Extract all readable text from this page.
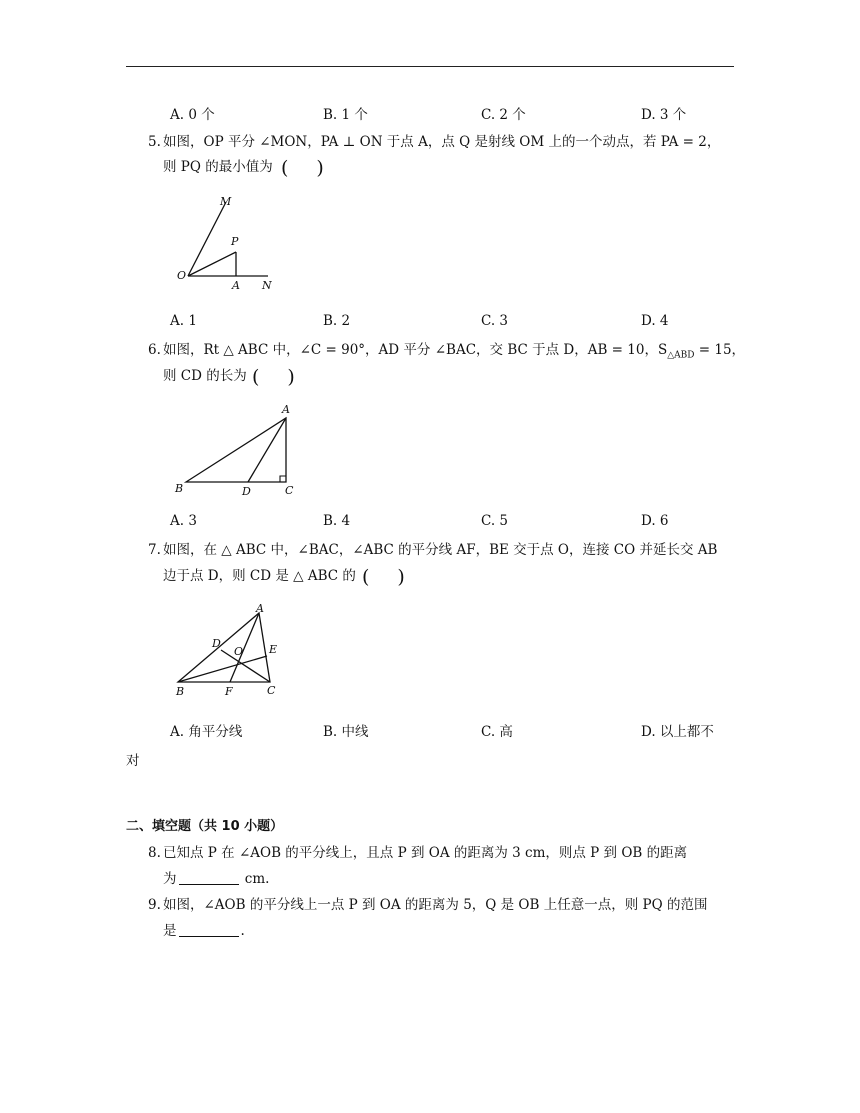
A. 0 个	B. 1 个	C. 2 个	D. 3 个
5. 如图，OP 平分 ∠MON，PA ⊥ ON 于点 A，点 Q 是射线 OM 上的一个动点，若 PA = 2，
则 PQ 的最小值为 ( )
M
P
O
A N
A. 1	B. 2	C. 3	D. 4
6. 如图，Rt △ ABC 中，∠C = 90°，AD 平分 ∠BAC，交 BC 于点 D，AB = 10，$S_{\triangle ABD} = 15$，
则 CD 的长为 ( )
A
B	D	C
A. 3	B. 4	C. 5	D. 6
7. 如图，在 △ ABC 中，∠BAC，∠ABC 的平分线 AF，BE 交于点 O，连接 CO 并延长交 AB
边于点 D，则 CD 是 △ ABC 的 ( )
A
D
O E
B	F	C
A. 角平分线	B. 中线	C. 高	D. 以上都不
对
二、填空题（共 10 小题）
8. 已知点 P 在 ∠AOB 的平分线上，且点 P 到 OA 的距离为 3 cm，则点 P 到 OB 的距离
为	cm.
9. 如图，∠AOB 的平分线上一点 P 到 OA 的距离为 5，Q 是 OB 上任意一点，则 PQ 的范围
是	.
